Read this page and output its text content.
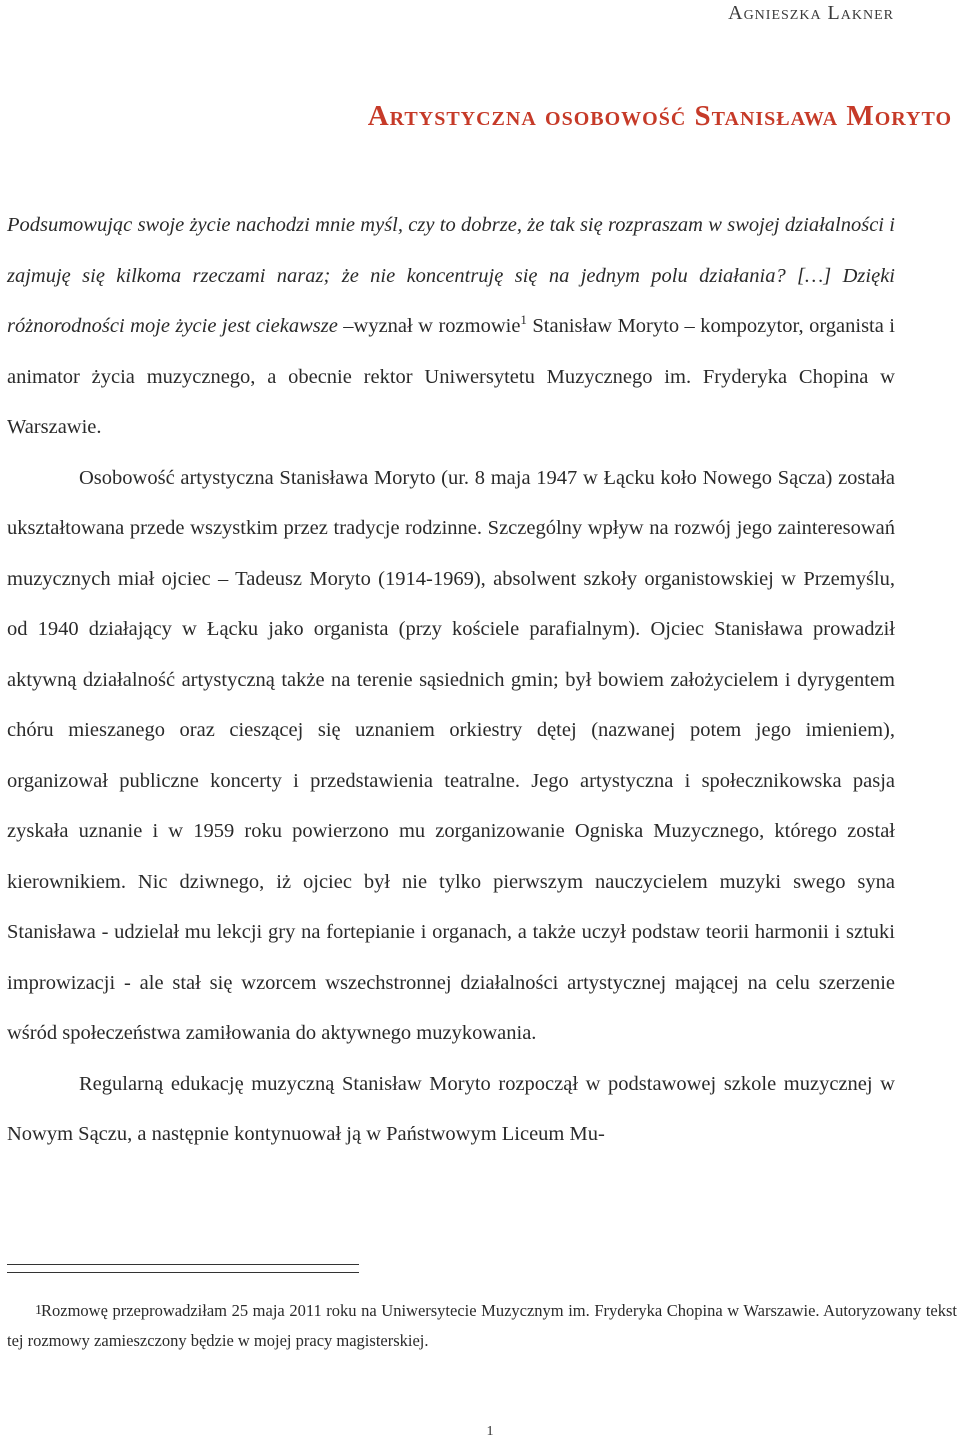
Agnieszka Lakner
Artystyczna osobowość Stanisława Moryto

Podsumowując swoje życie nachodzi mnie myśl, czy to dobrze, że tak się rozpraszam w swojej działalności i zajmuję się kilkoma rzeczami naraz; że nie koncentruję się na jednym polu działania? […] Dzięki różnorodności moje życie jest ciekawsze –wyznał w rozmowie$^1$ Stanisław Moryto – kompozytor, organista i animator życia muzycznego, a obecnie rektor Uniwersytetu Muzycznego im. Fryderyka Chopina w Warszawie.

Osobowość artystyczna Stanisława Moryto (ur. 8 maja 1947 w Łącku koło Nowego Sącza) została ukształtowana przede wszystkim przez tradycje rodzinne. Szczególny wpływ na rozwój jego zainteresowań muzycznych miał ojciec – Tadeusz Moryto (1914-1969), absolwent szkoły organistowskiej w Przemyślu, od 1940 działający w Łącku jako organista (przy kościele parafialnym). Ojciec Stanisława prowadził aktywną działalność artystyczną także na terenie sąsiednich gmin; był bowiem założycielem i dyrygentem chóru mieszanego oraz cieszącej się uznaniem orkiestry dętej (nazwanej potem jego imieniem), organizował publiczne koncerty i przedstawienia teatralne. Jego artystyczna i społecznikowska pasja zyskała uznanie i w 1959 roku powierzono mu zorganizowanie Ogniska Muzycznego, którego został kierownikiem. Nic dziwnego, iż ojciec był nie tylko pierwszym nauczycielem muzyki swego syna Stanisława - udzielał mu lekcji gry na fortepianie i organach, a także uczył podstaw teorii harmonii i sztuki improwizacji - ale stał się wzorcem wszechstronnej działalności artystycznej mającej na celu szerzenie wśród społeczeństwa zamiłowania do aktywnego muzykowania.

Regularną edukację muzyczną Stanisław Moryto rozpoczął w podstawowej szkole muzycznej w Nowym Sączu, a następnie kontynuował ją w Państwowym Liceum Mu-

1Rozmowę przeprowadziłam 25 maja 2011 roku na Uniwersytecie Muzycznym im. Fryderyka Chopina w Warszawie. Autoryzowany tekst tej rozmowy zamieszczony będzie w mojej pracy magisterskiej.
1
